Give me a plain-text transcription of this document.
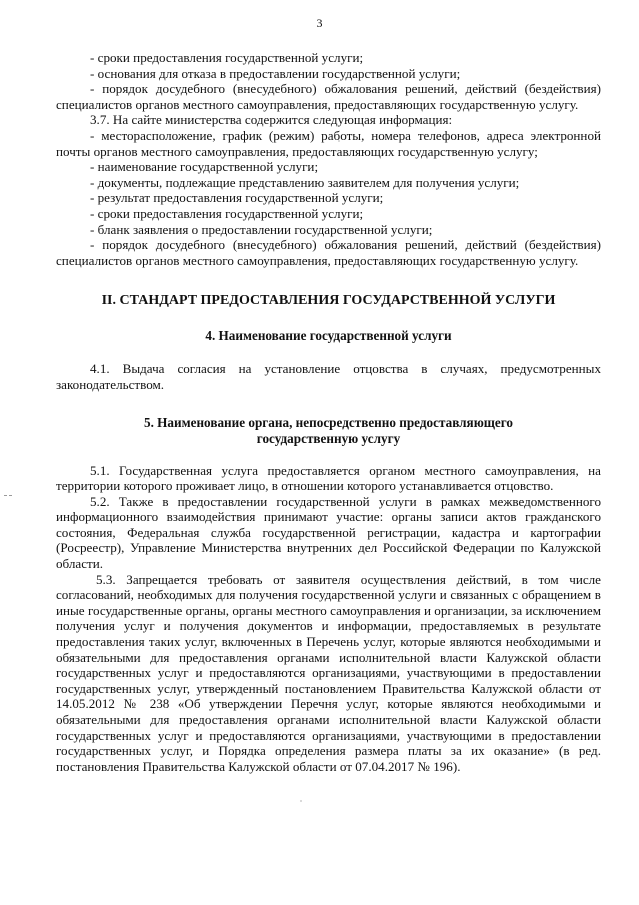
3

- сроки предоставления государственной услуги;

- основания для отказа в предоставлении государственной услуги;

- порядок досудебного (внесудебного) обжалования решений, действий (бездействия) специалистов органов местного самоуправления, предоставляющих государственную услугу.

3.7. На сайте министерства содержится следующая информация:

- месторасположение, график (режим) работы, номера телефонов, адреса электронной почты органов местного самоуправления, предоставляющих государственную услугу;

- наименование государственной услуги;

- документы, подлежащие представлению заявителем для получения услуги;

- результат предоставления государственной услуги;

- сроки предоставления государственной услуги;

- бланк заявления о предоставлении государственной услуги;

- порядок досудебного (внесудебного) обжалования решений, действий (бездействия) специалистов органов местного самоуправления, предоставляющих государственную услугу.

II. СТАНДАРТ ПРЕДОСТАВЛЕНИЯ ГОСУДАРСТВЕННОЙ УСЛУГИ
4. Наименование государственной услуги

4.1. Выдача согласия на установление отцовства в случаях, предусмотренных законодательством.

5. Наименование органа, непосредственно предоставляющего
государственную услугу

5.1. Государственная услуга предоставляется органом местного самоуправления, на территории которого проживает лицо, в отношении которого устанавливается отцовство.

5.2. Также в предоставлении государственной услуги в рамках межведомственного информационного взаимодействия принимают участие: органы записи актов гражданского состояния, Федеральная служба государственной регистрации, кадастра и картографии (Росреестр), Управление Министерства внутренних дел Российской Федерации по Калужской области.

5.3. Запрещается требовать от заявителя осуществления действий, в том числе согласований, необходимых для получения государственной услуги и связанных с обращением в иные государственные органы, органы местного самоуправления и организации, за исключением получения услуг и получения документов и информации, предоставляемых в результате предоставления таких услуг, включенных в Перечень услуг, которые являются необходимыми и обязательными для предоставления органами исполнительной власти Калужской области государственных услуг и предоставляются организациями, участвующими в предоставлении государственных услуг, утвержденный постановлением Правительства Калужской области от 14.05.2012 № 238 «Об утверждении Перечня услуг, которые являются необходимыми и обязательными для предоставления органами исполнительной власти Калужской области государственных услуг и предоставляются организациями, участвующими в предоставлении государственных услуг, и Порядка определения размера платы за их оказание» (в ред. постановления Правительства Калужской области от 07.04.2017 № 196).
